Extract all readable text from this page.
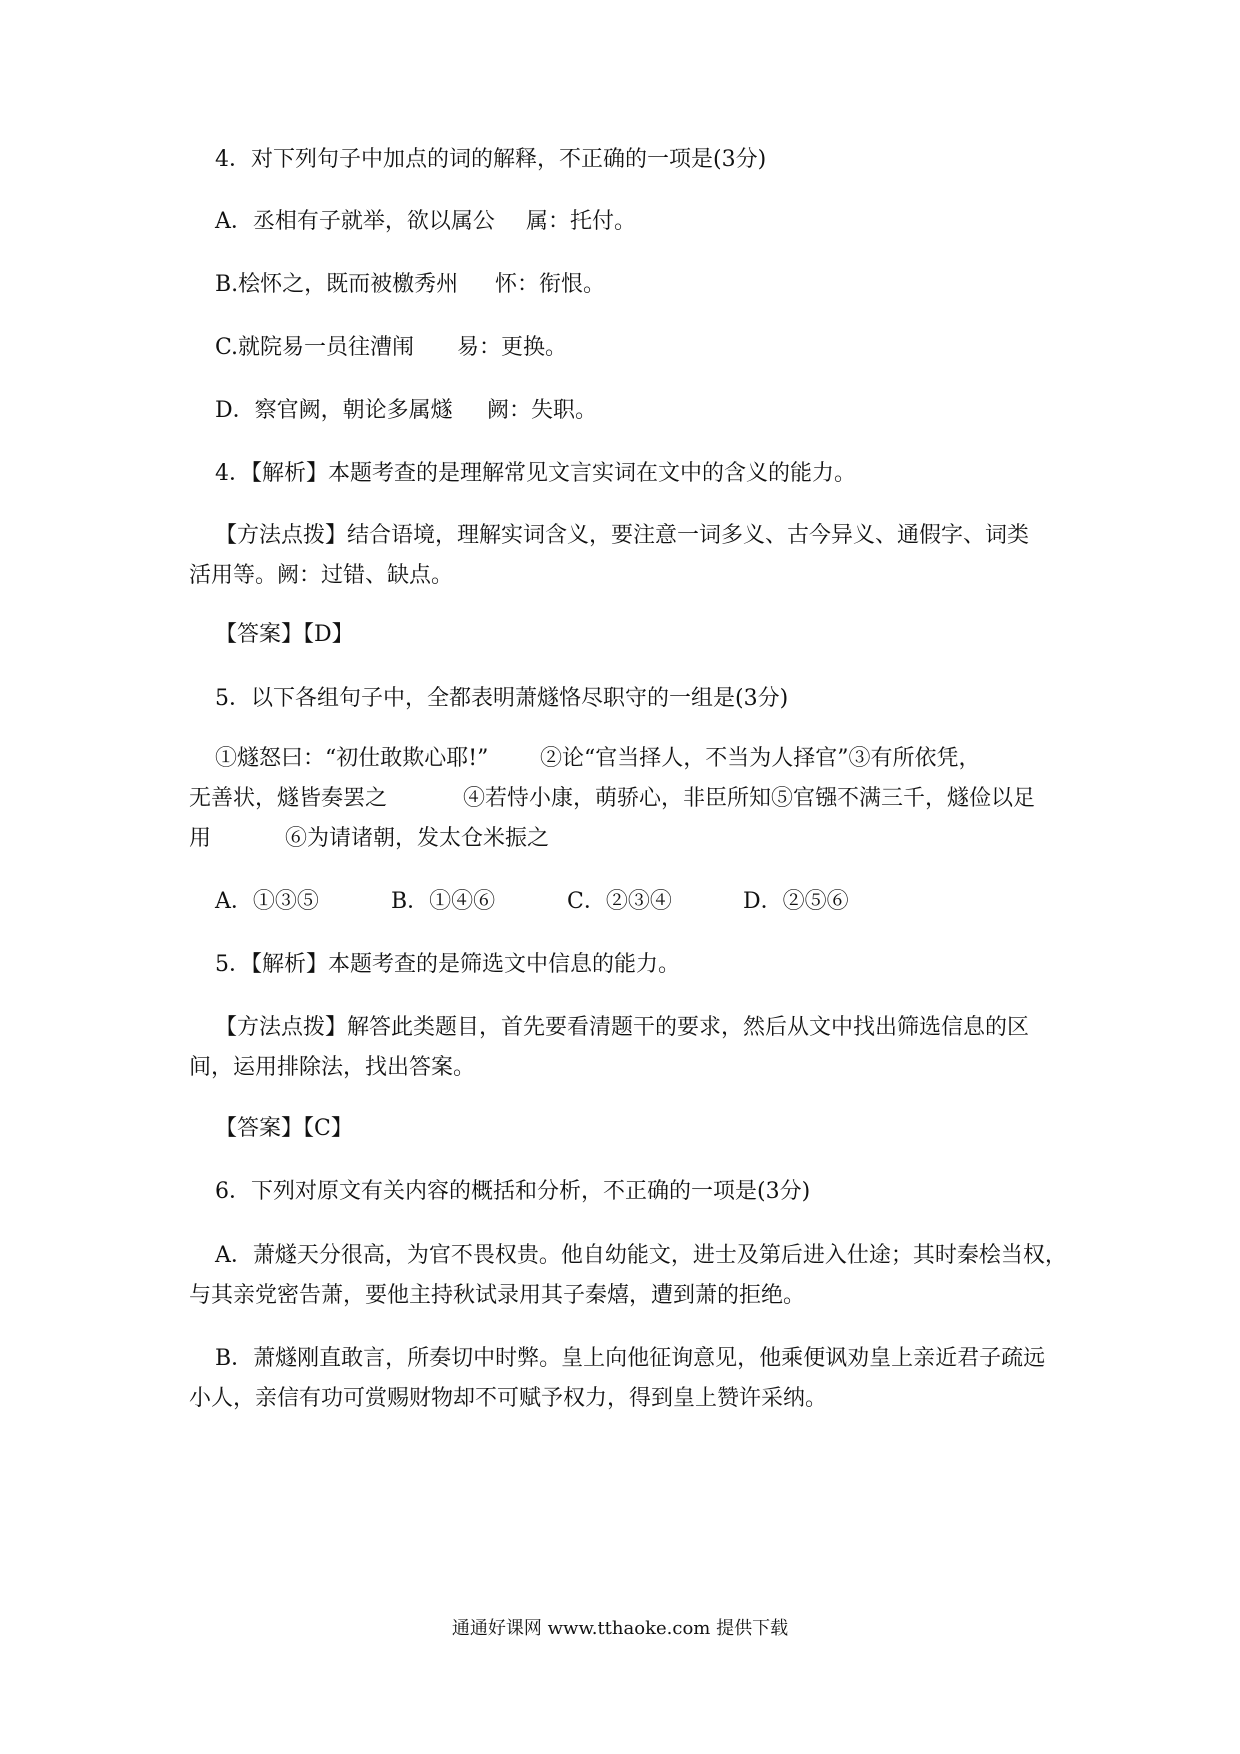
4．对下列句子中加点的词的解释，不正确的一项是(3分)
A．丞相有子就举，欲以属公 属：托付。
B.桧怀之，既而被檄秀州 怀：衔恨。
C.就院易一员往漕闱 易：更换。
D．察官阙，朝论多属燧 阙：失职。
4．【解析】本题考查的是理解常见文言实词在文中的含义的能力。
【方法点拨】结合语境，理解实词含义，要注意一词多义、古今异义、通假字、词类
活用等。阙：过错、缺点。
【答案】【D】
5．以下各组句子中，全都表明萧燧恪尽职守的一组是(3分)
①燧怒曰：“初仕敢欺心耶!” ②论“官当择人，不当为人择官”③有所依凭，
无善状，燧皆奏罢之	④若恃小康，萌骄心，非臣所知⑤官镪不满三千，燧俭以足
用	⑥为请诸朝，发太仓米振之
A．①③⑤	B．①④⑥	C．②③④	D．②⑤⑥
5．【解析】本题考查的是筛选文中信息的能力。
【方法点拨】解答此类题目，首先要看清题干的要求，然后从文中找出筛选信息的区
间，运用排除法，找出答案。
【答案】【C】
6．下列对原文有关内容的概括和分析，不正确的一项是(3分)
A．萧燧天分很高，为官不畏权贵。他自幼能文，进士及第后进入仕途；其时秦桧当权，
与其亲党密告萧，要他主持秋试录用其子秦熺，遭到萧的拒绝。
B．萧燧刚直敢言，所奏切中时弊。皇上向他征询意见，他乘便讽劝皇上亲近君子疏远
小人，亲信有功可赏赐财物却不可赋予权力，得到皇上赞许采纳。
通通好课网 www.tthaoke.com 提供下载
